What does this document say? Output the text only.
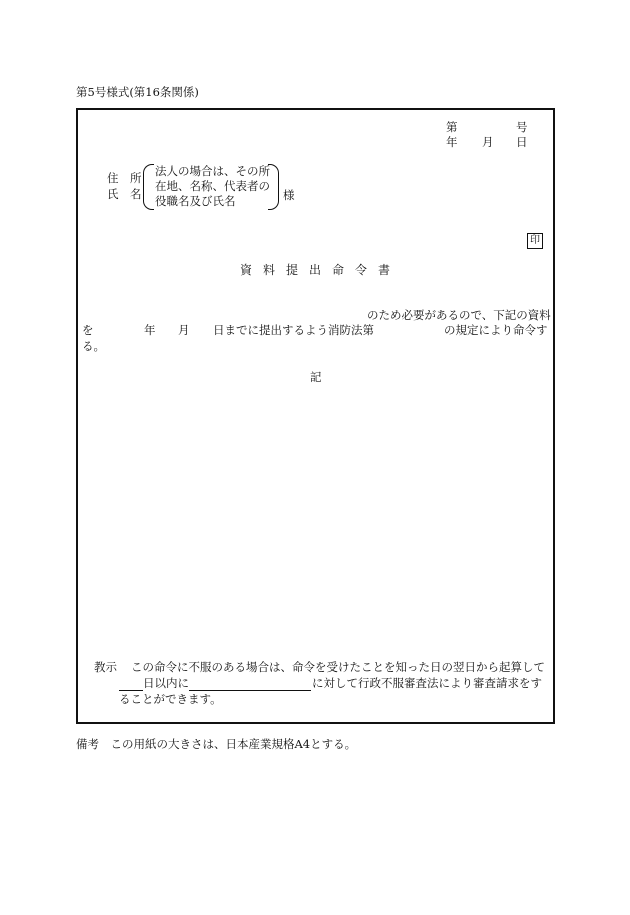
第5号様式(第16条関係)
第	号
年 月 日
住　所
氏　名
法人の場合は、その所
在地、名称、代表者の
役職名及び氏名	様
印
資料提出命令書
のため必要があるので、下記の資料
を	年 月 日までに提出するよう消防法第	の規定により命令す
る。
記
教示 この命令に不服のある場合は、命令を受けたことを知った日の翌日から起算して
日以内に	に対して行政不服審査法により審査請求をす
ることができます。
備考　この用紙の大きさは、日本産業規格A4とする。
